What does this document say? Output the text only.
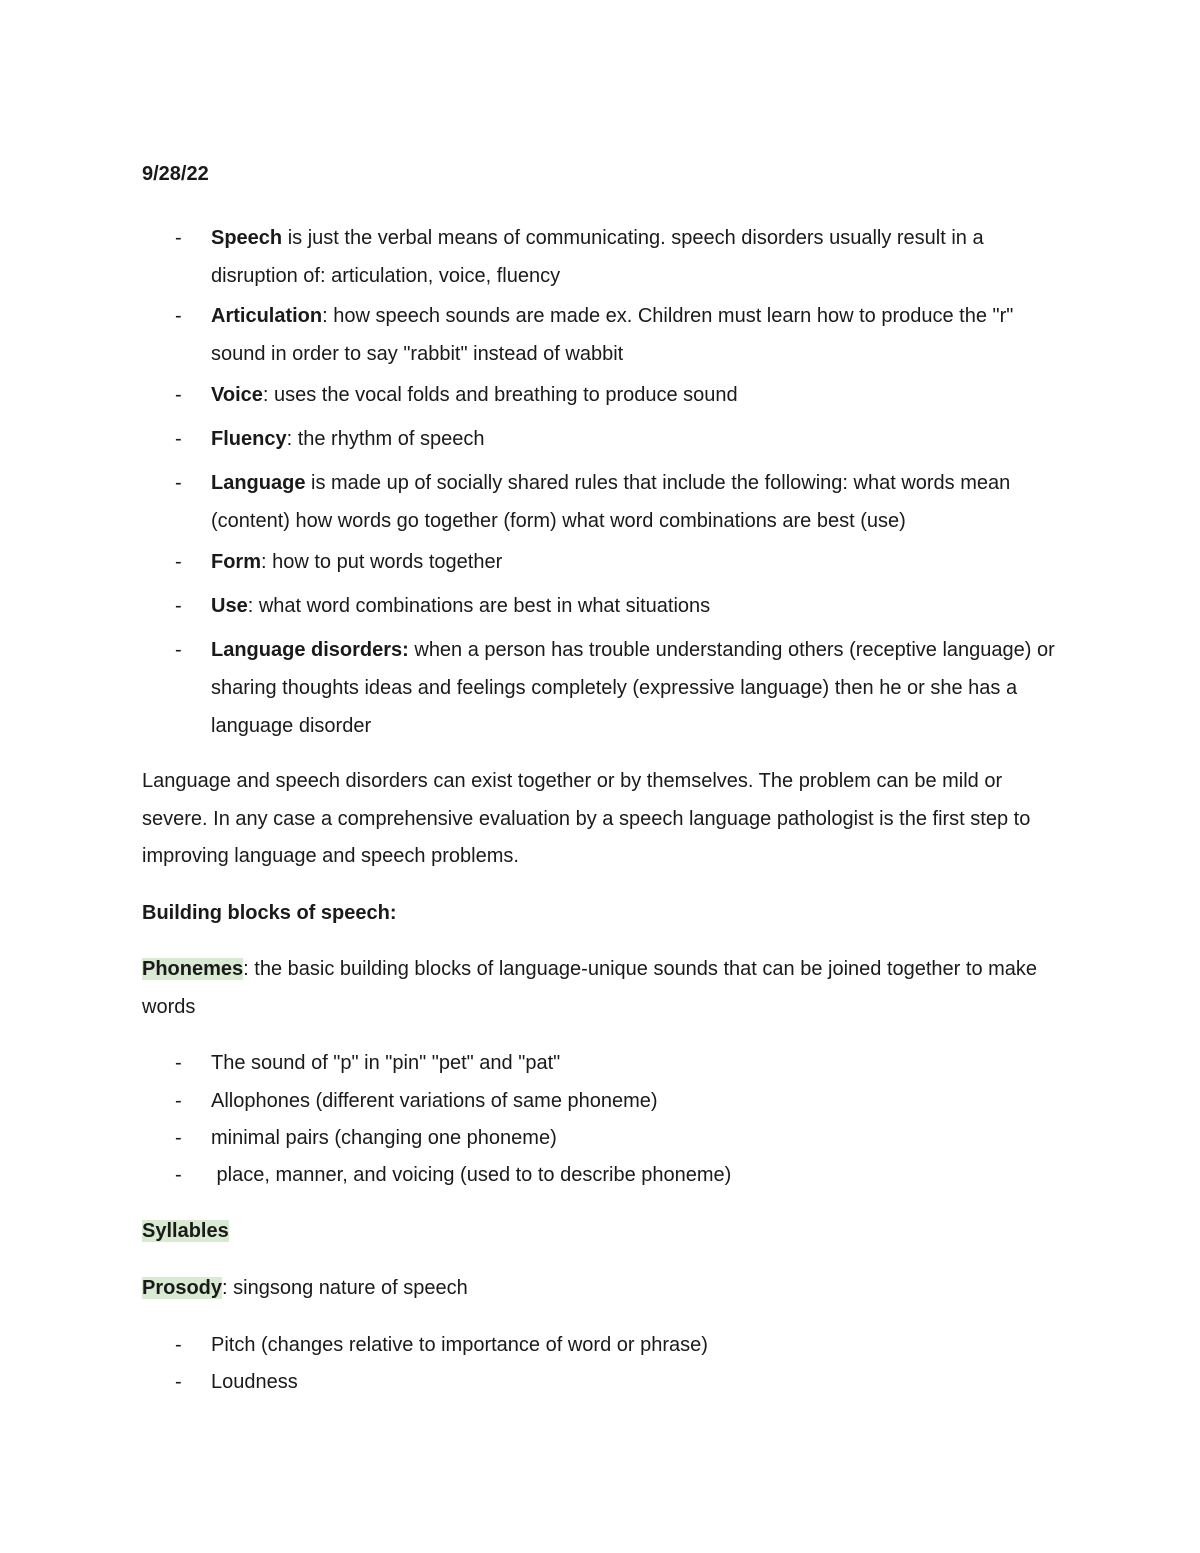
9/28/22
- Speech is just the verbal means of communicating. speech disorders usually result in a disruption of: articulation, voice, fluency
- Articulation: how speech sounds are made ex. Children must learn how to produce the "r" sound in order to say "rabbit" instead of wabbit
- Voice: uses the vocal folds and breathing to produce sound
- Fluency: the rhythm of speech
- Language is made up of socially shared rules that include the following: what words mean (content) how words go together (form) what word combinations are best (use)
- Form: how to put words together
- Use: what word combinations are best in what situations
- Language disorders: when a person has trouble understanding others (receptive language) or sharing thoughts ideas and feelings completely (expressive language) then he or she has a language disorder

Language and speech disorders can exist together or by themselves. The problem can be mild or severe. In any case a comprehensive evaluation by a speech language pathologist is the first step to improving language and speech problems.

Building blocks of speech:

Phonemes: the basic building blocks of language-unique sounds that can be joined together to make words

- The sound of "p" in "pin" "pet" and "pat"
- Allophones (different variations of same phoneme)
- minimal pairs (changing one phoneme)
- place, manner, and voicing (used to to describe phoneme)

Syllables

Prosody: singsong nature of speech

- Pitch (changes relative to importance of word or phrase)
- Loudness
